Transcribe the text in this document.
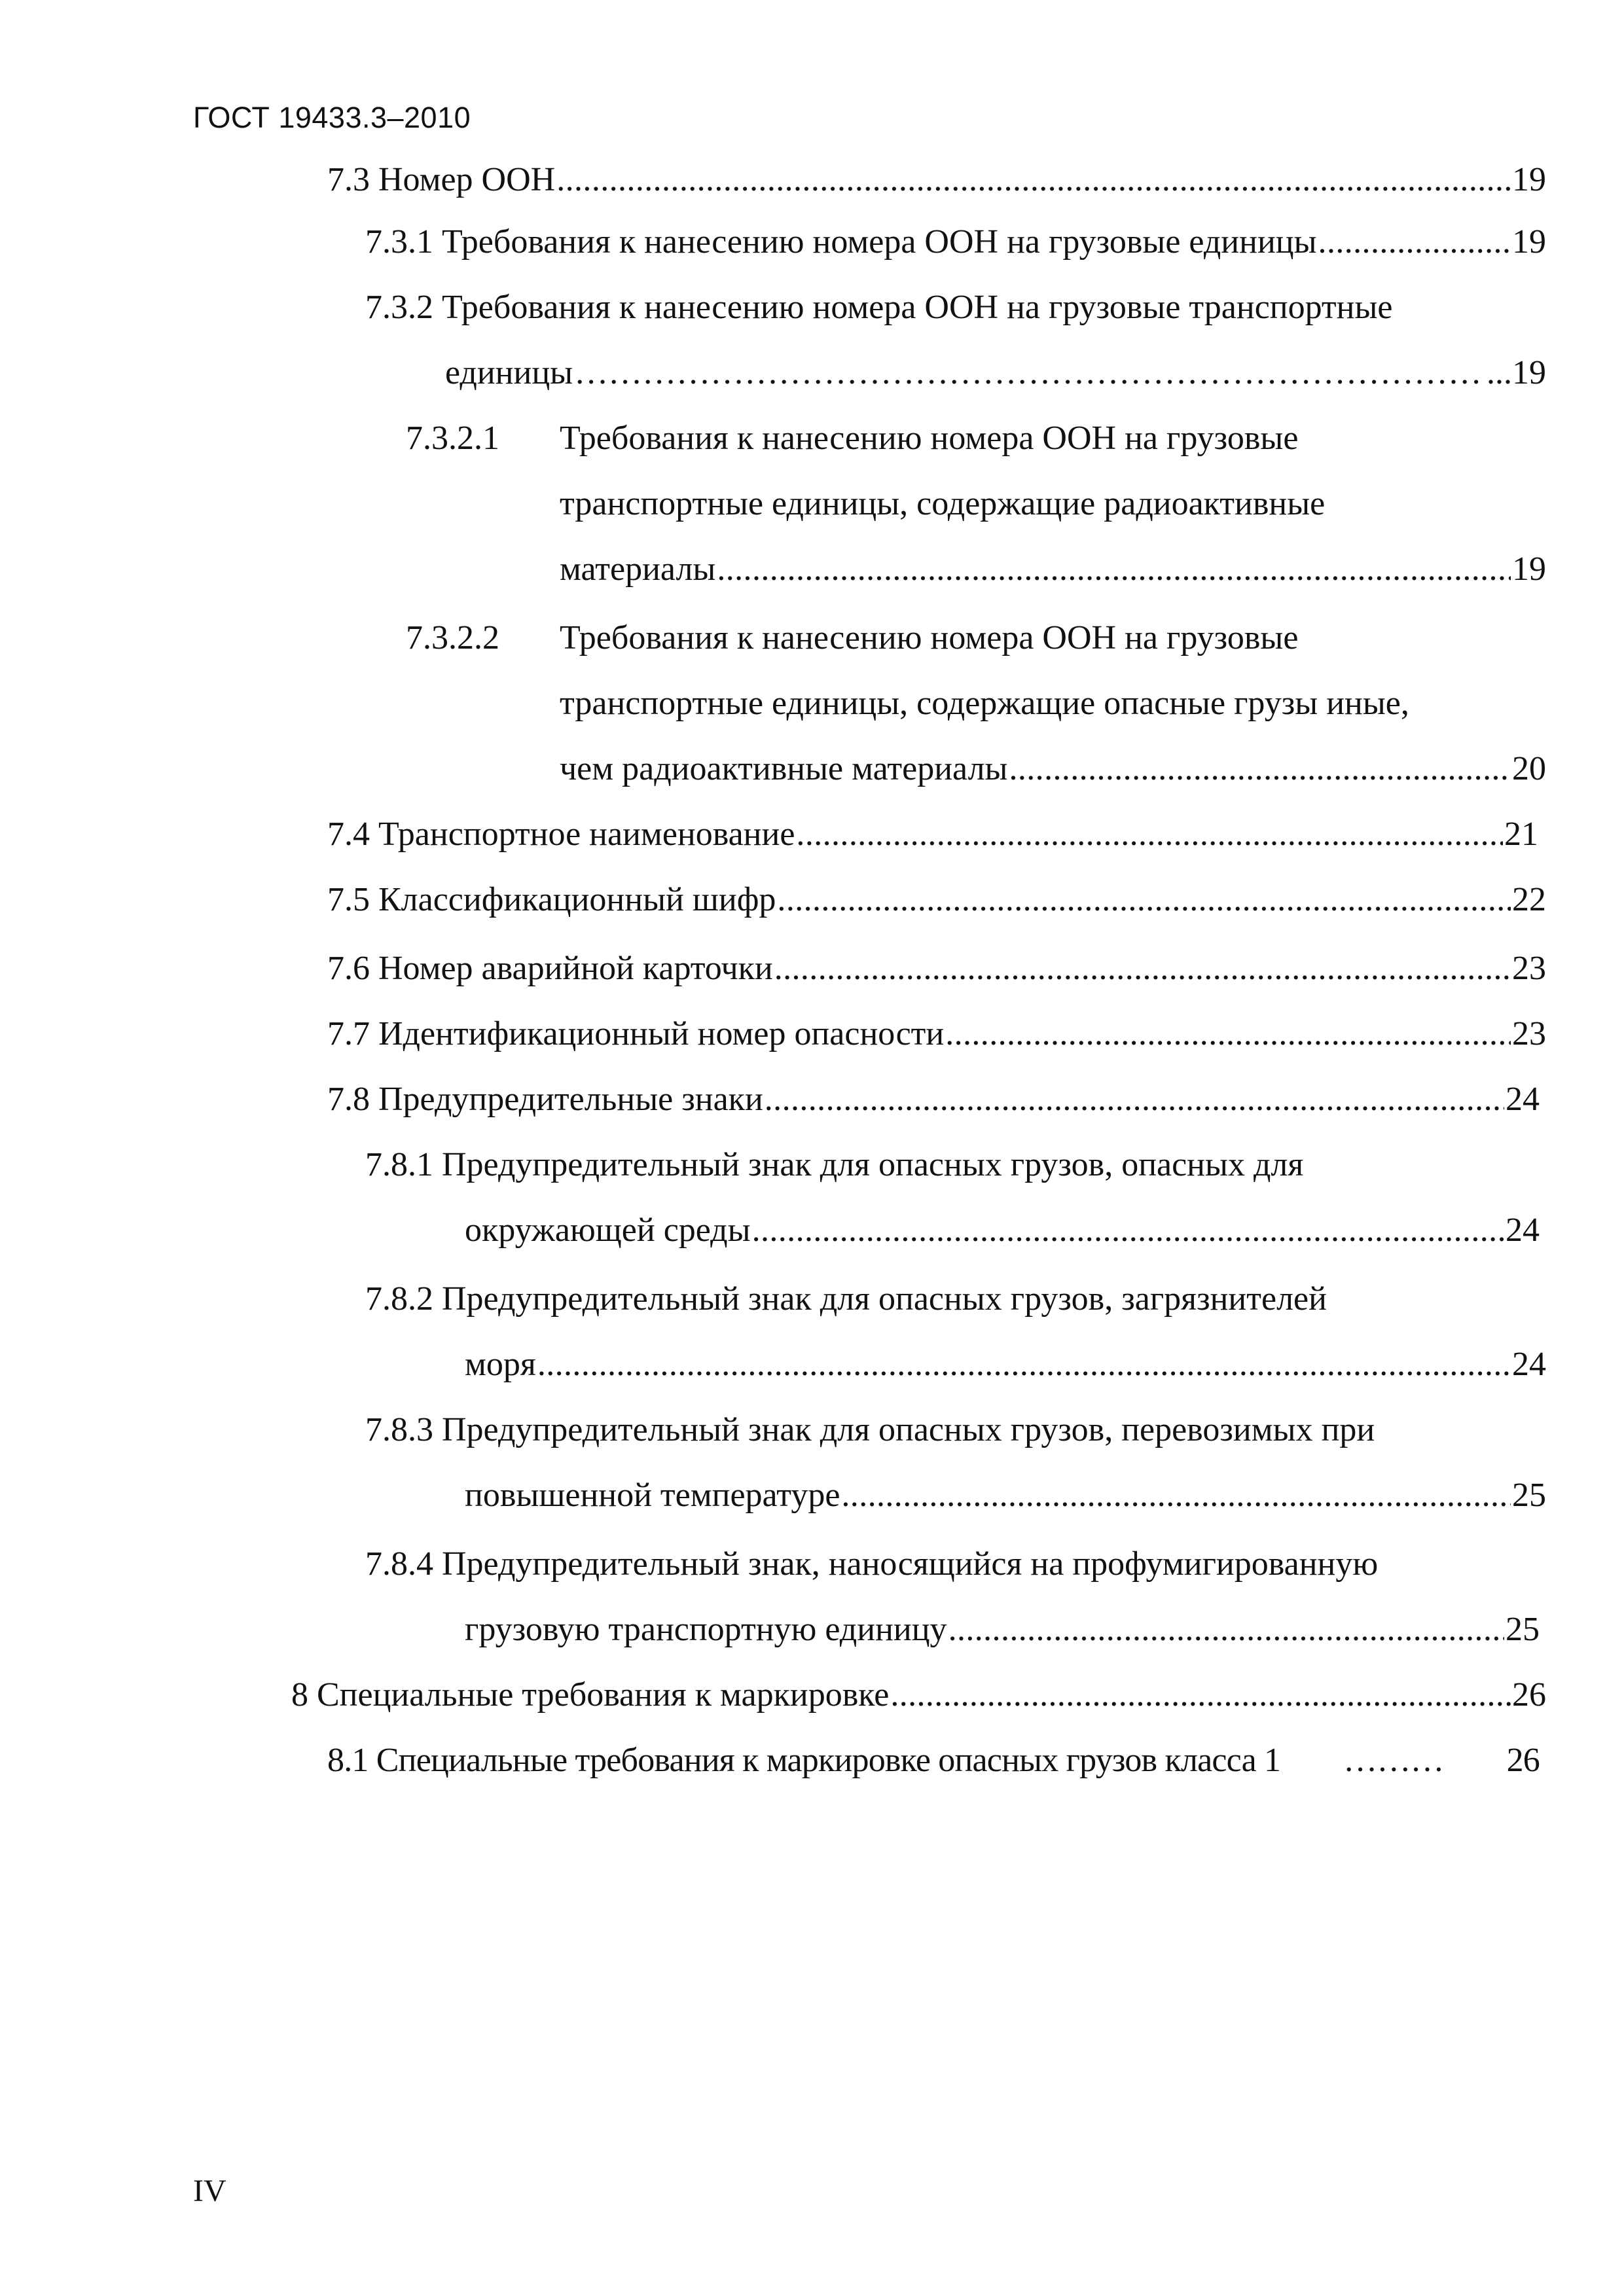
ГОСТ 19433.3–2010
7.3 Номер ООН .....	19
7.3.1 Требования к нанесению номера ООН на грузовые единицы .....	19
7.3.2 Требования к нанесению номера ООН на грузовые транспортные
единицы ………………………………………………………………………………………………………………………………………………………………………………………………………………………………………………………	... 19
7.3.2.1 Требования к нанесению номера ООН на грузовые
транспортные единицы, содержащие радиоактивные
материалы .....	19
7.3.2.2 Требования к нанесению номера ООН на грузовые
транспортные единицы, содержащие опасные грузы иные,
чем радиоактивные материалы .....	20
7.4 Транспортное наименование .....	21
7.5 Классификационный шифр .....	22
7.6 Номер аварийной карточки .....	23
7.7 Идентификационный номер опасности .....	23
7.8 Предупредительные знаки .....	24
7.8.1 Предупредительный знак для опасных грузов, опасных для
окружающей среды .....	24
7.8.2 Предупредительный знак для опасных грузов, загрязнителей
моря .....	24
7.8.3 Предупредительный знак для опасных грузов, перевозимых при
повышенной температуре .....	25
7.8.4 Предупредительный знак, наносящийся на профумигированную
грузовую транспортную единицу .....	25
8 Специальные требования к маркировке .....	26
8.1 Специальные требования к маркировке опасных грузов класса 1	………	26
IV
